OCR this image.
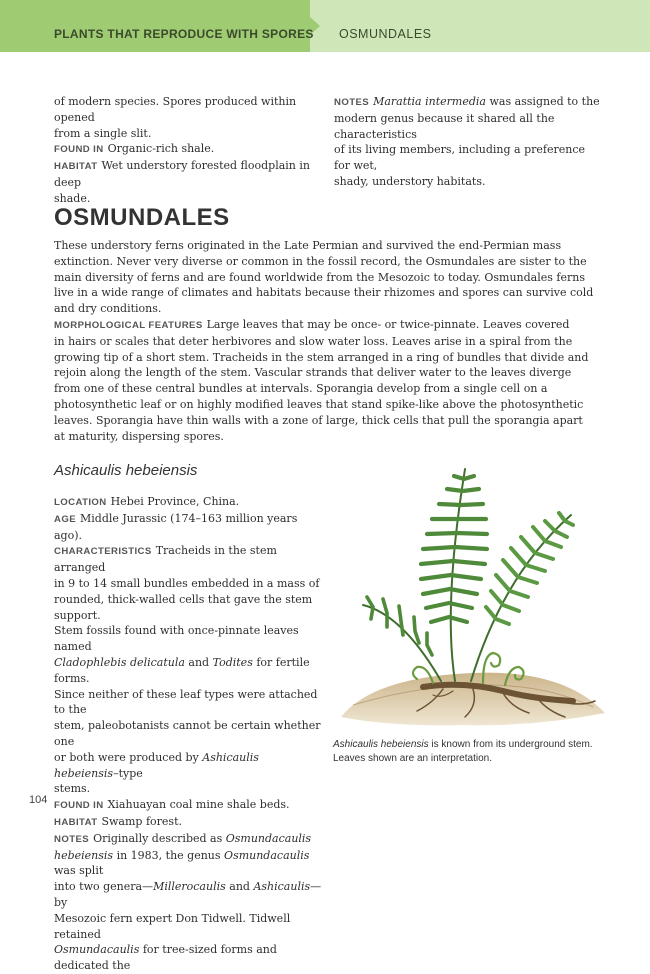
PLANTS THAT REPRODUCE WITH SPORES OSMUNDALES
of modern species. Spores produced within opened
from a single slit.
FOUND IN Organic-rich shale.
HABITAT Wet understory forested floodplain in deep
shade.
NOTES Marattia intermedia was assigned to the
modern genus because it shared all the characteristics
of its living members, including a preference for wet,
shady, understory habitats.
OSMUNDALES
These understory ferns originated in the Late Permian and survived the end-Permian mass
extinction. Never very diverse or common in the fossil record, the Osmundales are sister to the
main diversity of ferns and are found worldwide from the Mesozoic to today. Osmundales ferns
live in a wide range of climates and habitats because their rhizomes and spores can survive cold
and dry conditions.
MORPHOLOGICAL FEATURES Large leaves that may be once- or twice-pinnate. Leaves covered
in hairs or scales that deter herbivores and slow water loss. Leaves arise in a spiral from the
growing tip of a short stem. Tracheids in the stem arranged in a ring of bundles that divide and
rejoin along the length of the stem. Vascular strands that deliver water to the leaves diverge
from one of these central bundles at intervals. Sporangia develop from a single cell on a
photosynthetic leaf or on highly modified leaves that stand spike-like above the photosynthetic
leaves. Sporangia have thin walls with a zone of large, thick cells that pull the sporangia apart
at maturity, dispersing spores.
Ashicaulis hebeiensis
LOCATION Hebei Province, China.
AGE Middle Jurassic (174–163 million years ago).
CHARACTERISTICS Tracheids in the stem arranged
in 9 to 14 small bundles embedded in a mass of
rounded, thick-walled cells that gave the stem support.
Stem fossils found with once-pinnate leaves named
Cladophlebis delicatula and Todites for fertile forms.
Since neither of these leaf types were attached to the
stem, paleobotanists cannot be certain whether one
or both were produced by Ashicaulis hebeiensis–type
stems.
FOUND IN Xiahuayan coal mine shale beds.
HABITAT Swamp forest.
NOTES Originally described as Osmundacaulis
hebeiensis in 1983, the genus Osmundacaulis was split
into two genera—Millerocaulis and Ashicaulis—by
Mesozoic fern expert Don Tidwell. Tidwell retained
Osmundacaulis for tree-sized forms and dedicated the
Ashicaulis hebeiensis is known from its underground stem. Leaves shown are an interpretation.
104
